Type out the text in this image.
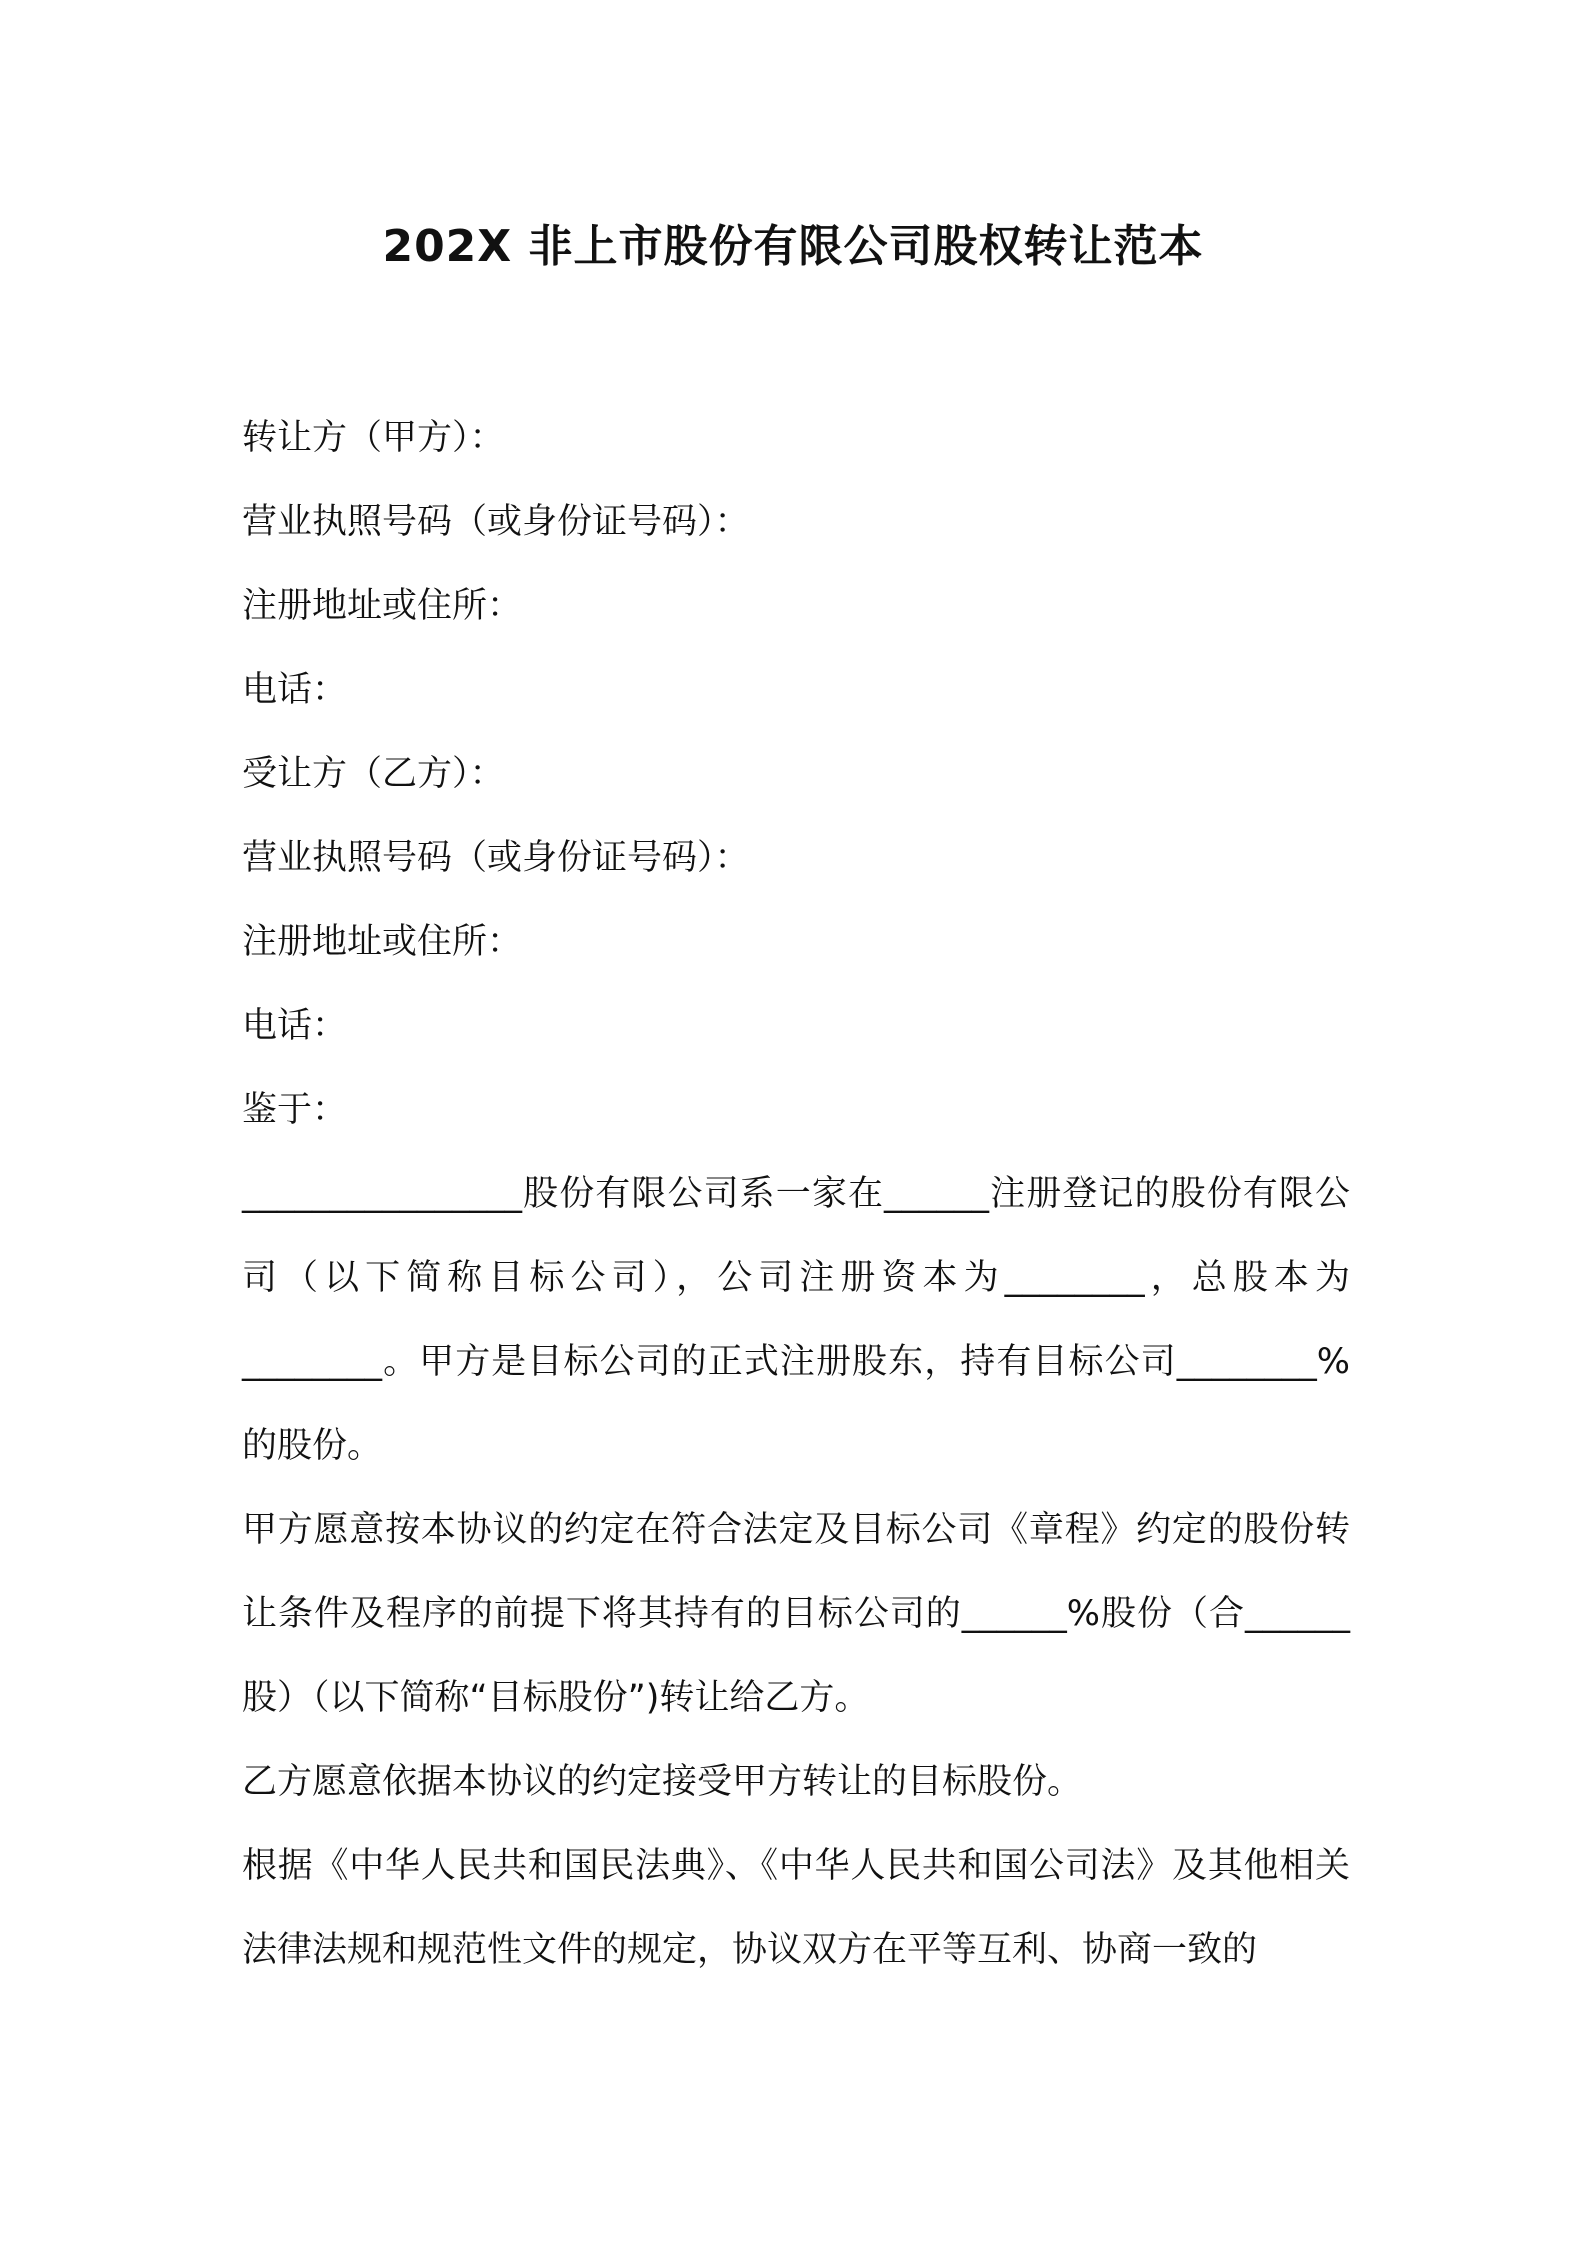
202X 非上市股份有限公司股权转让范本
转让方（甲方）：
营业执照号码（或身份证号码）：
注册地址或住所：
电话：
受让方（乙方）：
营业执照号码（或身份证号码）：
注册地址或住所：
电话：
鉴于：

________________股份有限公司系一家在______注册登记的股份有限公司（以下简称目标公司），公司注册资本为________，总股本为________。甲方是目标公司的正式注册股东，持有目标公司________%的股份。

甲方愿意按本协议的约定在符合法定及目标公司《章程》约定的股份转让条件及程序的前提下将其持有的目标公司的______%股份（合______股）（以下简称“目标股份”)转让给乙方。

乙方愿意依据本协议的约定接受甲方转让的目标股份。

根据《中华人民共和国民法典》、《中华人民共和国公司法》及其他相关法律法规和规范性文件的规定，协议双方在平等互利、协商一致的
